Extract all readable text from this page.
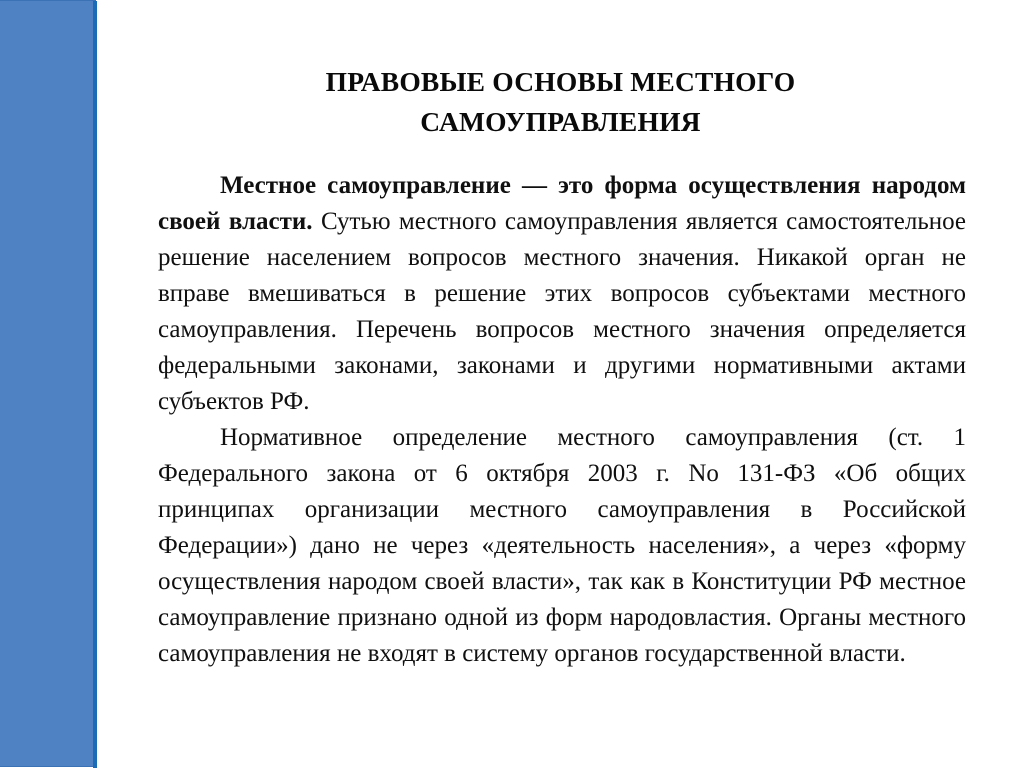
ПРАВОВЫЕ ОСНОВЫ МЕСТНОГО
САМОУПРАВЛЕНИЯ

Местное самоуправление — это форма осуществления народом своей власти. Сутью местного самоуправления является самостоятельное решение населением вопросов местного значения. Никакой орган не вправе вмешиваться в решение этих вопросов субъектами местного самоуправления. Перечень вопросов местного значения определяется федеральными законами, законами и другими нормативными актами субъектов РФ.

Нормативное определение местного самоуправления (ст. 1 Федерального закона от 6 октября 2003 г. No 131-ФЗ «Об общих принципах организации местного самоуправления в Российской Федерации») дано не через «деятельность населения», а через «форму осуществления народом своей власти», так как в Конституции РФ местное самоуправление признано одной из форм народовластия. Органы местного самоуправления не входят в систему органов государственной власти.
